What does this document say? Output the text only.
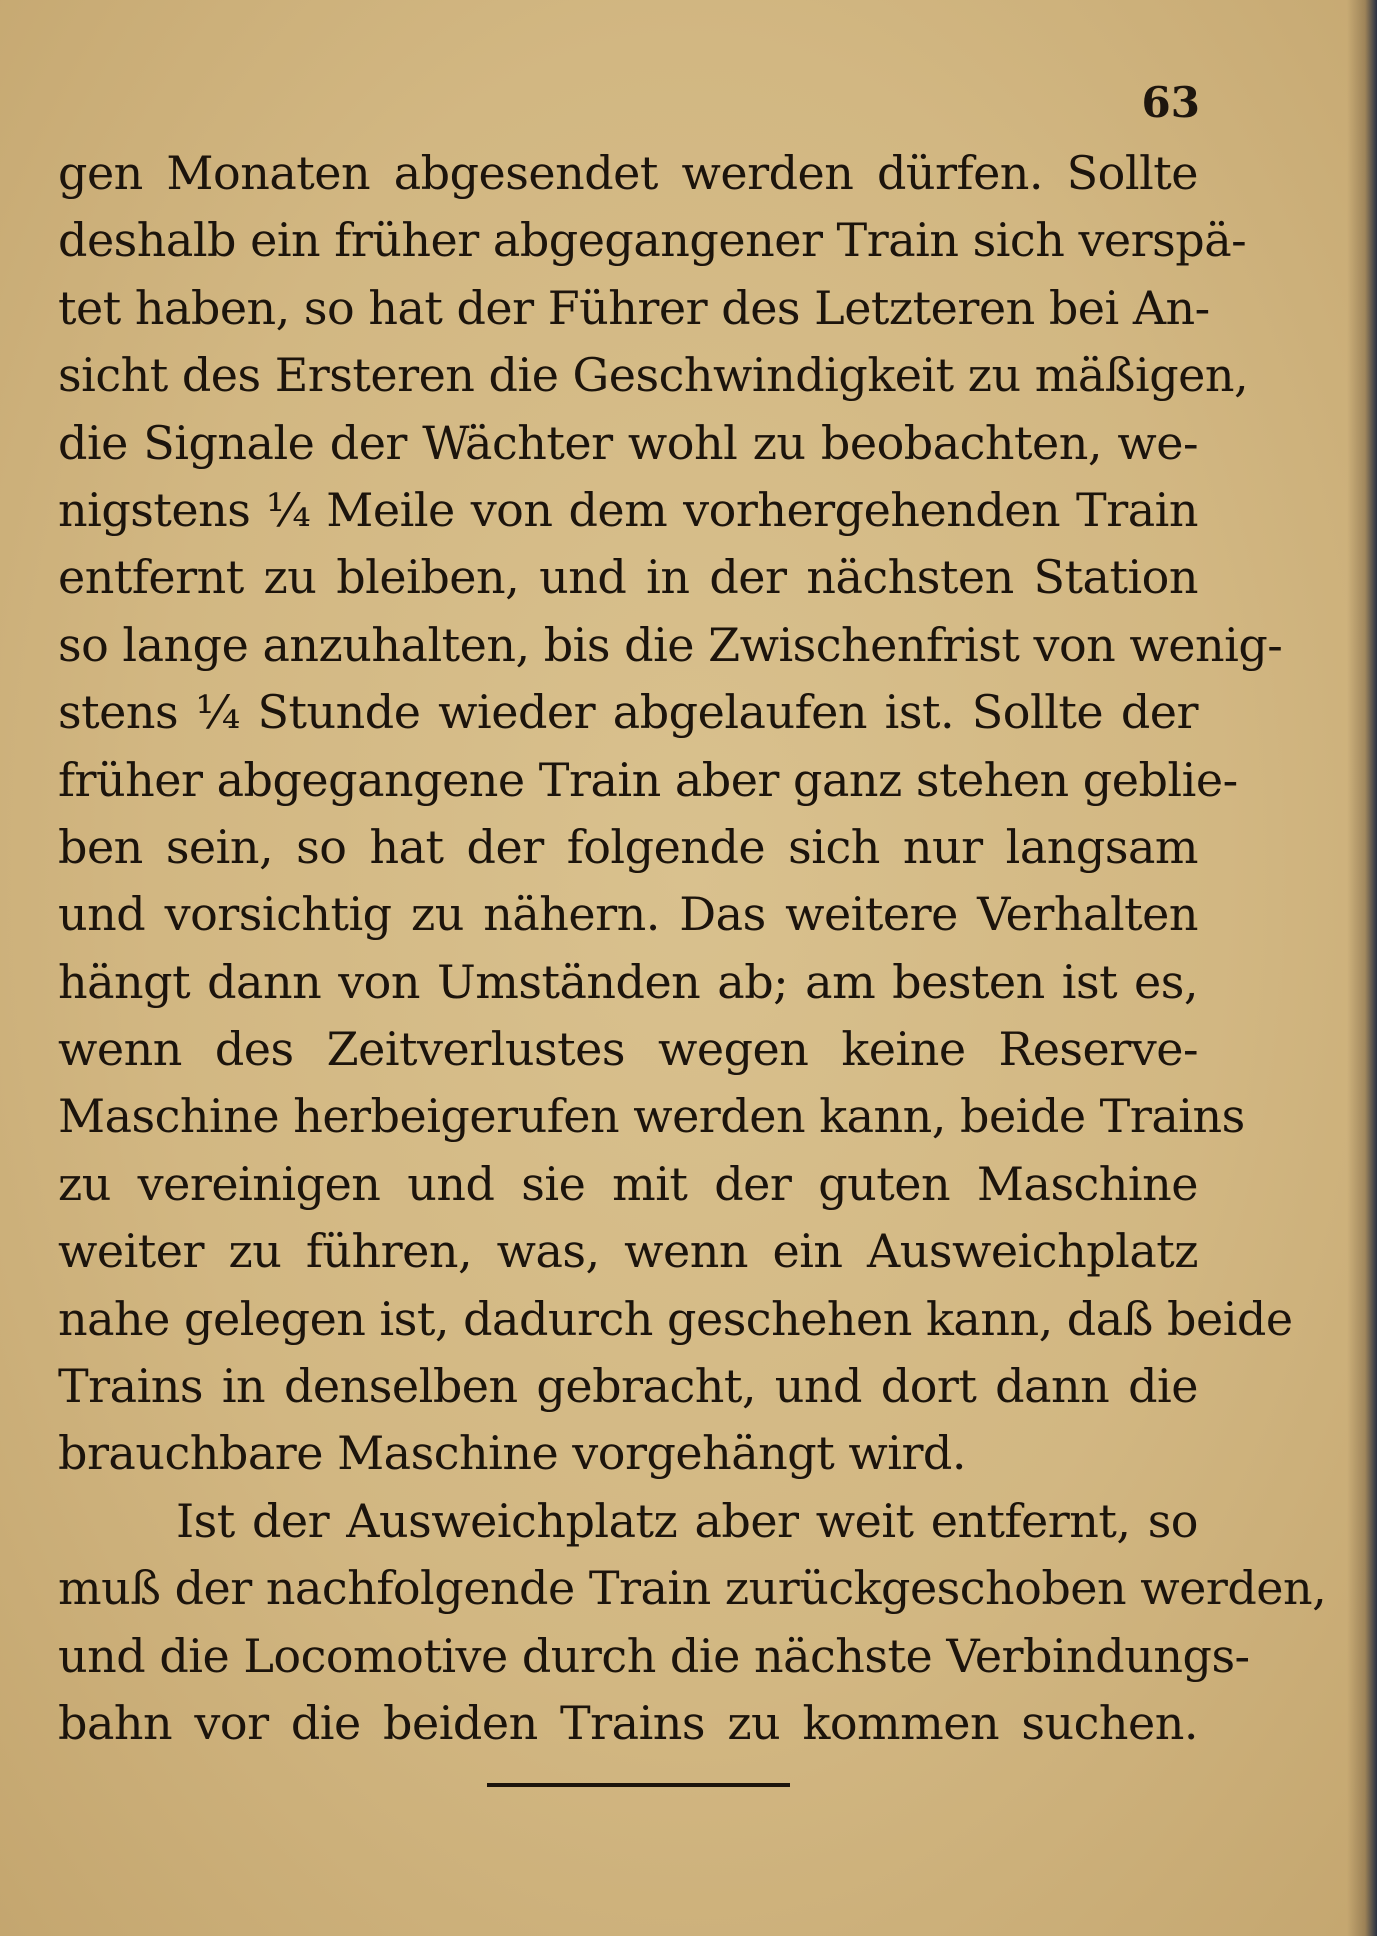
63

gen Monaten abgesendet werden dürfen. Sollte
deshalb ein früher abgegangener Train sich verspä-
tet haben, so hat der Führer des Letzteren bei An-
sicht des Ersteren die Geschwindigkeit zu mäßigen,
die Signale der Wächter wohl zu beobachten, we-
nigstens ¼ Meile von dem vorhergehenden Train
entfernt zu bleiben, und in der nächsten Station
so lange anzuhalten, bis die Zwischenfrist von wenig-
stens ¼ Stunde wieder abgelaufen ist. Sollte der
früher abgegangene Train aber ganz stehen geblie-
ben sein, so hat der folgende sich nur langsam
und vorsichtig zu nähern. Das weitere Verhalten
hängt dann von Umständen ab; am besten ist es,
wenn des Zeitverlustes wegen keine Reserve-
Maschine herbeigerufen werden kann, beide Trains
zu vereinigen und sie mit der guten Maschine
weiter zu führen, was, wenn ein Ausweichplatz
nahe gelegen ist, dadurch geschehen kann, daß beide
Trains in denselben gebracht, und dort dann die
brauchbare Maschine vorgehängt wird.
Ist der Ausweichplatz aber weit entfernt, so
muß der nachfolgende Train zurückgeschoben werden,
und die Locomotive durch die nächste Verbindungs-
bahn vor die beiden Trains zu kommen suchen.
